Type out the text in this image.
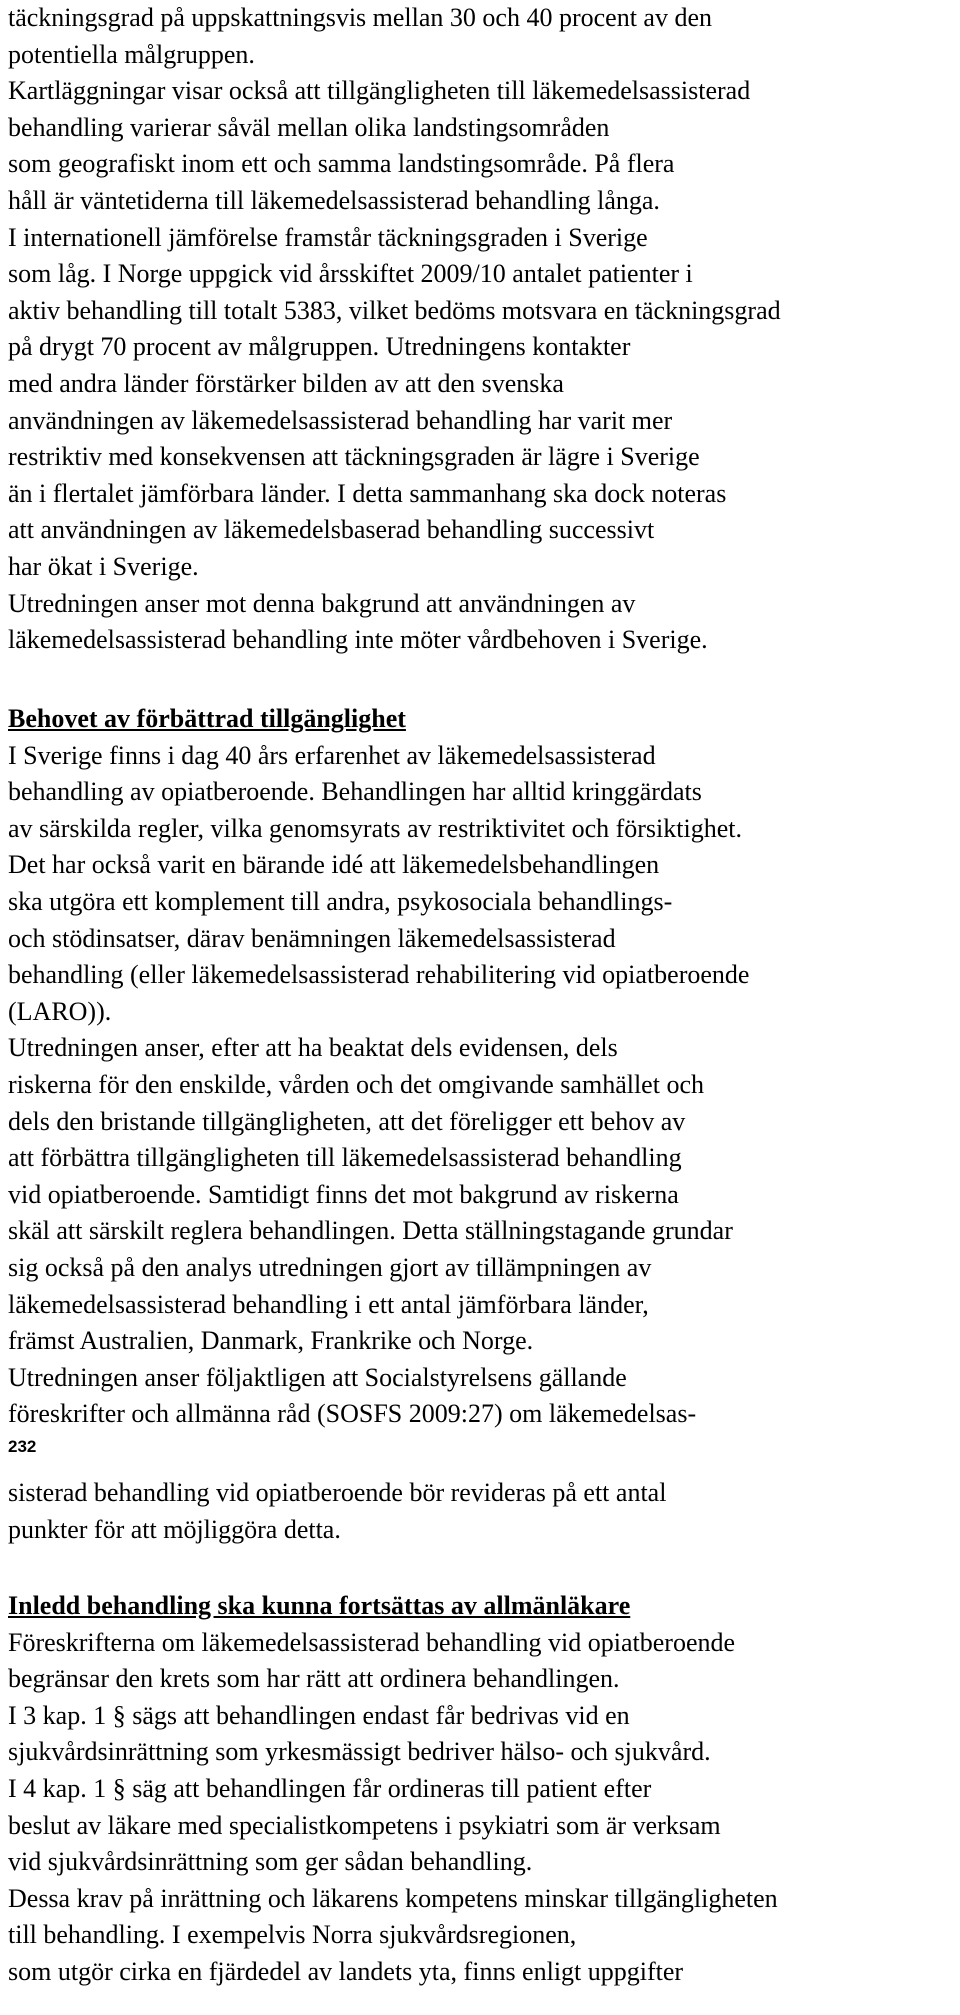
täckningsgrad på uppskattningsvis mellan 30 och 40 procent av den
potentiella målgruppen.
Kartläggningar visar också att tillgängligheten till läkemedelsassisterad
behandling varierar såväl mellan olika landstingsområden
som geografiskt inom ett och samma landstingsområde. På flera
håll är väntetiderna till läkemedelsassisterad behandling långa.
I internationell jämförelse framstår täckningsgraden i Sverige
som låg. I Norge uppgick vid årsskiftet 2009/10 antalet patienter i
aktiv behandling till totalt 5383, vilket bedöms motsvara en täckningsgrad
på drygt 70 procent av målgruppen. Utredningens kontakter
med andra länder förstärker bilden av att den svenska
användningen av läkemedelsassisterad behandling har varit mer
restriktiv med konsekvensen att täckningsgraden är lägre i Sverige
än i flertalet jämförbara länder. I detta sammanhang ska dock noteras
att användningen av läkemedelsbaserad behandling successivt
har ökat i Sverige.
Utredningen anser mot denna bakgrund att användningen av
läkemedelsassisterad behandling inte möter vårdbehoven i Sverige.
Behovet av förbättrad tillgänglighet
I Sverige finns i dag 40 års erfarenhet av läkemedelsassisterad
behandling av opiatberoende. Behandlingen har alltid kringgärdats
av särskilda regler, vilka genomsyrats av restriktivitet och försiktighet.
Det har också varit en bärande idé att läkemedelsbehandlingen
ska utgöra ett komplement till andra, psykosociala behandlings-
och stödinsatser, därav benämningen läkemedelsassisterad
behandling (eller läkemedelsassisterad rehabilitering vid opiatberoende
(LARO)).
Utredningen anser, efter att ha beaktat dels evidensen, dels
riskerna för den enskilde, vården och det omgivande samhället och
dels den bristande tillgängligheten, att det föreligger ett behov av
att förbättra tillgängligheten till läkemedelsassisterad behandling
vid opiatberoende. Samtidigt finns det mot bakgrund av riskerna
skäl att särskilt reglera behandlingen. Detta ställningstagande grundar
sig också på den analys utredningen gjort av tillämpningen av
läkemedelsassisterad behandling i ett antal jämförbara länder,
främst Australien, Danmark, Frankrike och Norge.
Utredningen anser följaktligen att Socialstyrelsens gällande
föreskrifter och allmänna råd (SOSFS 2009:27) om läkemedelsas-
232
sisterad behandling vid opiatberoende bör revideras på ett antal
punkter för att möjliggöra detta.
Inledd behandling ska kunna fortsättas av allmänläkare
Föreskrifterna om läkemedelsassisterad behandling vid opiatberoende
begränsar den krets som har rätt att ordinera behandlingen.
I 3 kap. 1 § sägs att behandlingen endast får bedrivas vid en
sjukvårdsinrättning som yrkesmässigt bedriver hälso- och sjukvård.
I 4 kap. 1 § säg att behandlingen får ordineras till patient efter
beslut av läkare med specialistkompetens i psykiatri som är verksam
vid sjukvårdsinrättning som ger sådan behandling.
Dessa krav på inrättning och läkarens kompetens minskar tillgängligheten
till behandling. I exempelvis Norra sjukvårdsregionen,
som utgör cirka en fjärdedel av landets yta, finns enligt uppgifter
